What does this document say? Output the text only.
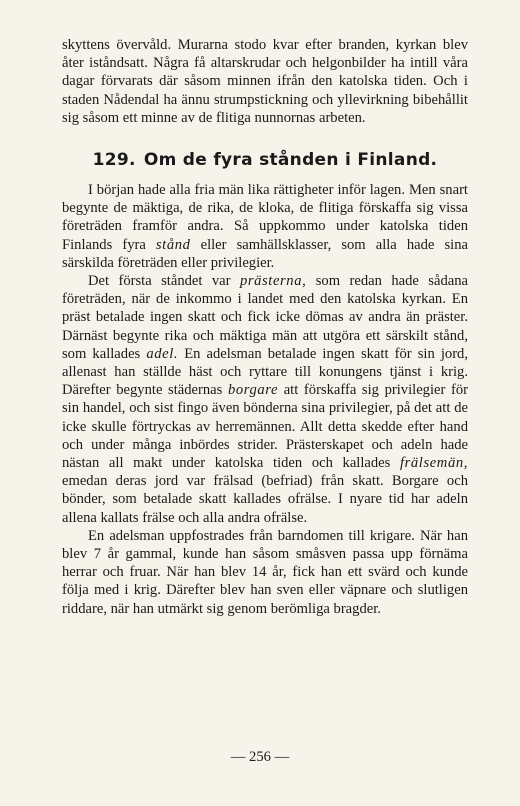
skyttens övervåld. Murarna stodo kvar efter branden, kyrkan blev åter iståndsatt. Några få altarskrudar och helgonbilder ha intill våra dagar förvarats där såsom minnen ifrån den katolska tiden. Och i staden Nådendal ha ännu strumpstickning och yllevirkning bibehållit sig såsom ett minne av de flitiga nunnornas arbeten.

129. Om de fyra stånden i Finland.

I början hade alla fria män lika rättigheter inför lagen. Men snart begynte de mäktiga, de rika, de kloka, de flitiga förskaffa sig vissa företräden framför andra. Så uppkommo under katolska tiden Finlands fyra stånd eller samhällsklasser, som alla hade sina särskilda företräden eller privilegier.

Det första ståndet var prästerna, som redan hade sådana företräden, när de inkommo i landet med den katolska kyrkan. En präst betalade ingen skatt och fick icke dömas av andra än präster. Därnäst begynte rika och mäktiga män att utgöra ett särskilt stånd, som kallades adel. En adelsman betalade ingen skatt för sin jord, allenast han ställde häst och ryttare till konungens tjänst i krig. Därefter begynte städernas borgare att förskaffa sig privilegier för sin handel, och sist fingo även bönderna sina privilegier, på det att de icke skulle förtryckas av herremännen. Allt detta skedde efter hand och under många inbördes strider. Prästerskapet och adeln hade nästan all makt under katolska tiden och kallades frälsemän, emedan deras jord var frälsad (befriad) från skatt. Borgare och bönder, som betalade skatt kallades ofrälse. I nyare tid har adeln allena kallats frälse och alla andra ofrälse.

En adelsman uppfostrades från barndomen till krigare. När han blev 7 år gammal, kunde han såsom småsven passa upp förnäma herrar och fruar. När han blev 14 år, fick han ett svärd och kunde följa med i krig. Därefter blev han sven eller väpnare och slutligen riddare, när han utmärkt sig genom berömliga bragder.

— 256 —
